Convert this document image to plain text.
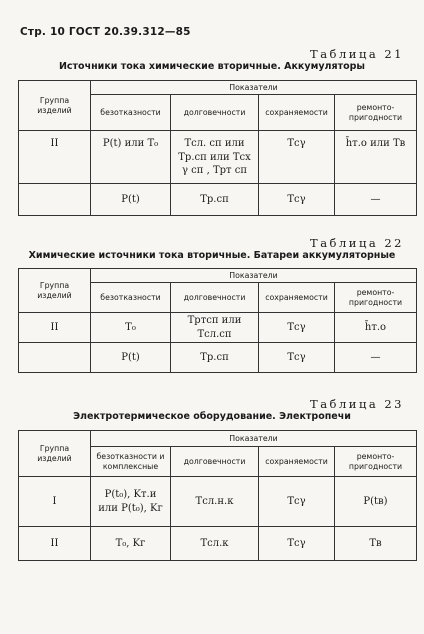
Стр. 10 ГОСТ 20.39.312—85
Таблица 21
Источники тока химические вторичные. Аккумуляторы
Группа изделий	Показатели			
	безотказности	долговечности	сохраняемости	ремонто-пригодности
II	P(t) или T₀	Tсл. сп или Tр.сп или Tсх γ сп , Tрт сп	Tсγ	h̄т.о или Tв
	P(t)	Tр.сп	Tсγ	—
Таблица 22
Химические источники тока вторичные. Батареи аккумуляторные
Группа изделий	Показатели			
	безотказности	долговечности	сохраняемости	ремонто-пригодности
II	T₀	Tртсп или Tсл.сп	Tсγ	h̄т.о
	P(t)	Tр.сп	Tсγ	—
Таблица 23
Электротермическое оборудование. Электропечи
Группа изделий	Показатели			
	безотказности и комплексные	долговечности	сохраняемости	ремонто-пригодности
I	P(t₀), Kт.и или P(t₀), Kг	Tсл.н.к	Tсγ	P(tв)
II	T₀, Kг	Tсл.к	Tсγ	Tв
